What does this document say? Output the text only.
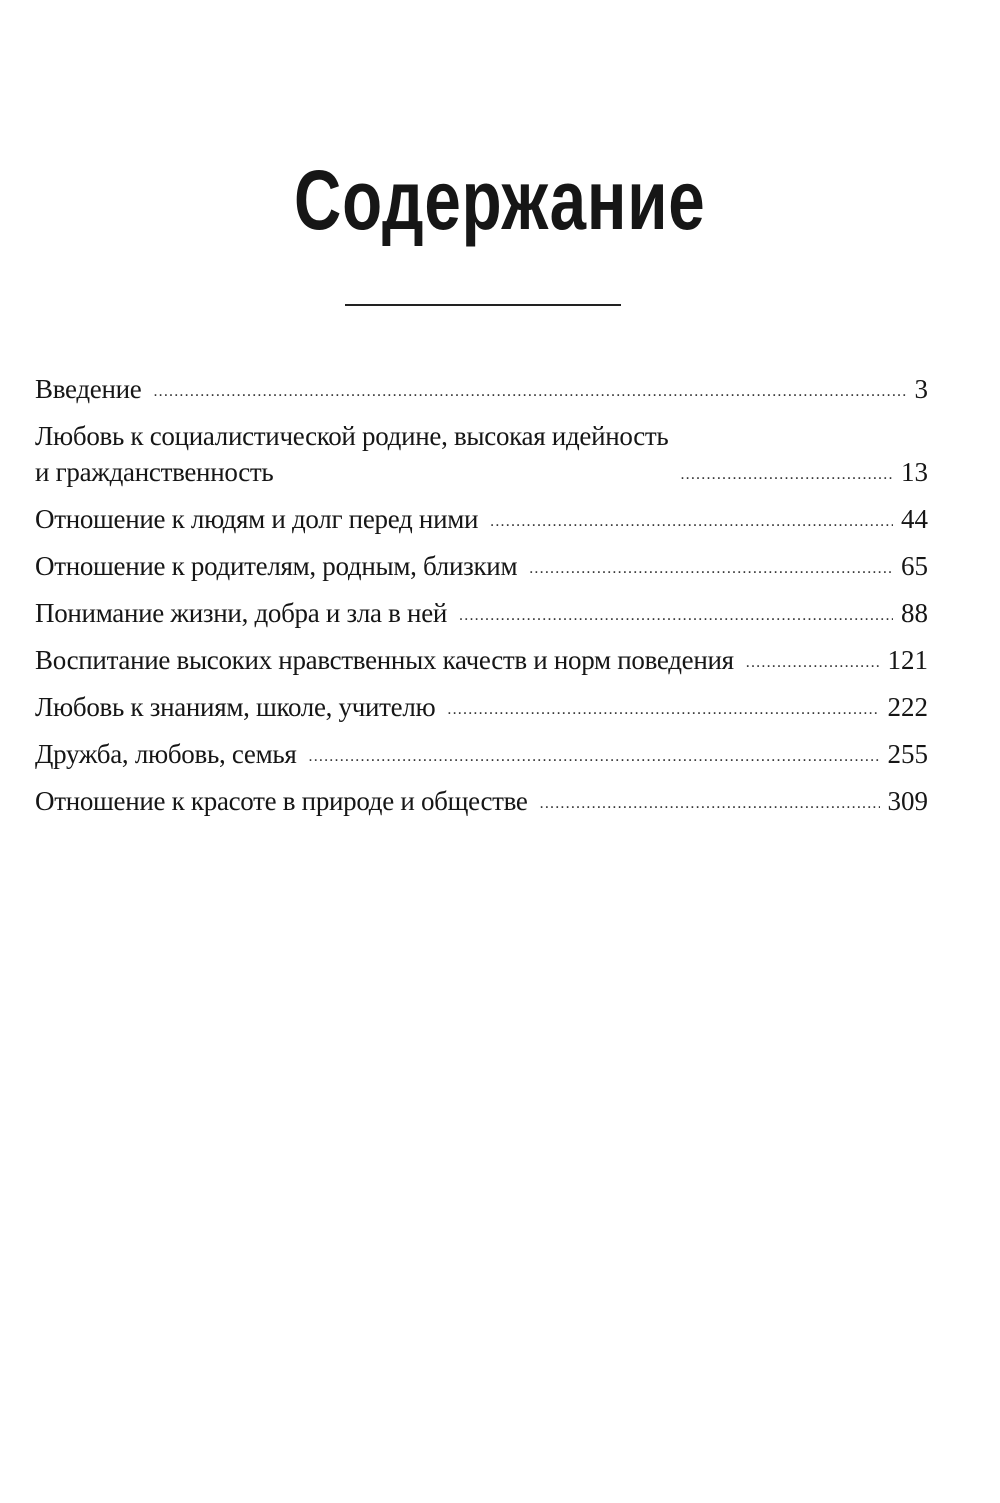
Содержание
Введение .....	3
Любовь к социалистической родине, высокая идейность
и гражданственность .....	13
Отношение к людям и долг перед ними .....	44
Отношение к родителям, родным, близким .....	65
Понимание жизни, добра и зла в ней .....	88
Воспитание высоких нравственных качеств и норм поведения .....	121
Любовь к знаниям, школе, учителю .....	222
Дружба, любовь, семья .....	255
Отношение к красоте в природе и обществе .....	309
